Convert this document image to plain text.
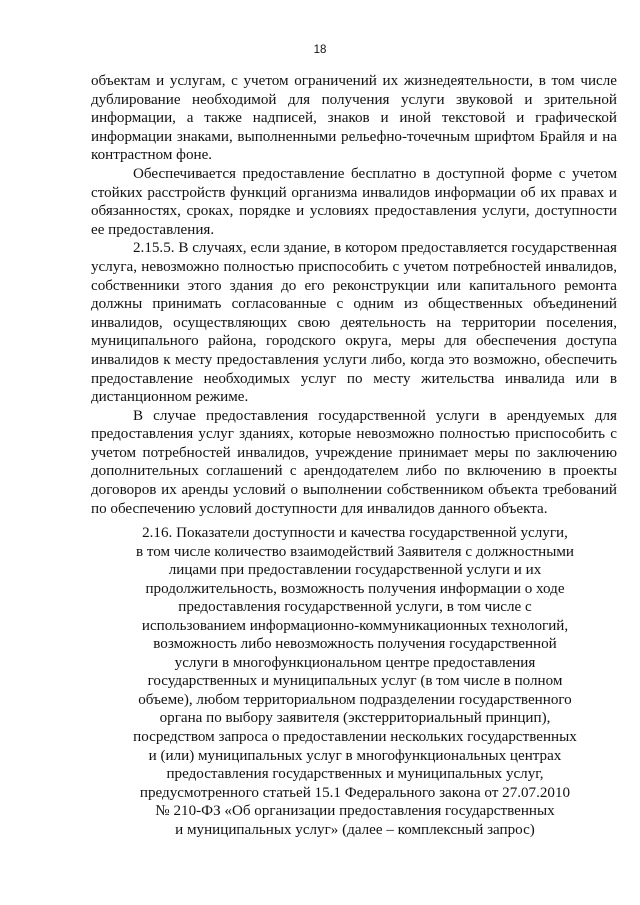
18

объектам и услугам, с учетом ограничений их жизнедеятельности, в том числе дублирование необходимой для получения услуги звуковой и зрительной информации, а также надписей, знаков и иной текстовой и графической информации знаками, выполненными рельефно-точечным шрифтом Брайля и на контрастном фоне.

Обеспечивается предоставление бесплатно в доступной форме с учетом стойких расстройств функций организма инвалидов информации об их правах и обязанностях, сроках, порядке и условиях предоставления услуги, доступности ее предоставления.

2.15.5. В случаях, если здание, в котором предоставляется государственная услуга, невозможно полностью приспособить с учетом потребностей инвалидов, собственники этого здания до его реконструкции или капитального ремонта должны принимать согласованные с одним из общественных объединений инвалидов, осуществляющих свою деятельность на территории поселения, муниципального района, городского округа, меры для обеспечения доступа инвалидов к месту предоставления услуги либо, когда это возможно, обеспечить предоставление необходимых услуг по месту жительства инвалида или в дистанционном режиме.

В случае предоставления государственной услуги в арендуемых для предоставления услуг зданиях, которые невозможно полностью приспособить с учетом потребностей инвалидов, учреждение принимает меры по заключению дополнительных соглашений с арендодателем либо по включению в проекты договоров их аренды условий о выполнении собственником объекта требований по обеспечению условий доступности для инвалидов данного объекта.

2.16. Показатели доступности и качества государственной услуги,
в том числе количество взаимодействий Заявителя с должностными
лицами при предоставлении государственной услуги и их
продолжительность, возможность получения информации о ходе
предоставления государственной услуги, в том числе с
использованием информационно-коммуникационных технологий,
возможность либо невозможность получения государственной
услуги в многофункциональном центре предоставления
государственных и муниципальных услуг (в том числе в полном
объеме), любом территориальном подразделении государственного
органа по выбору заявителя (экстерриториальный принцип),
посредством запроса о предоставлении нескольких государственных
и (или) муниципальных услуг в многофункциональных центрах
предоставления государственных и муниципальных услуг,
предусмотренного статьей 15.1 Федерального закона от 27.07.2010
№ 210-ФЗ «Об организации предоставления государственных
и муниципальных услуг» (далее – комплексный запрос)
